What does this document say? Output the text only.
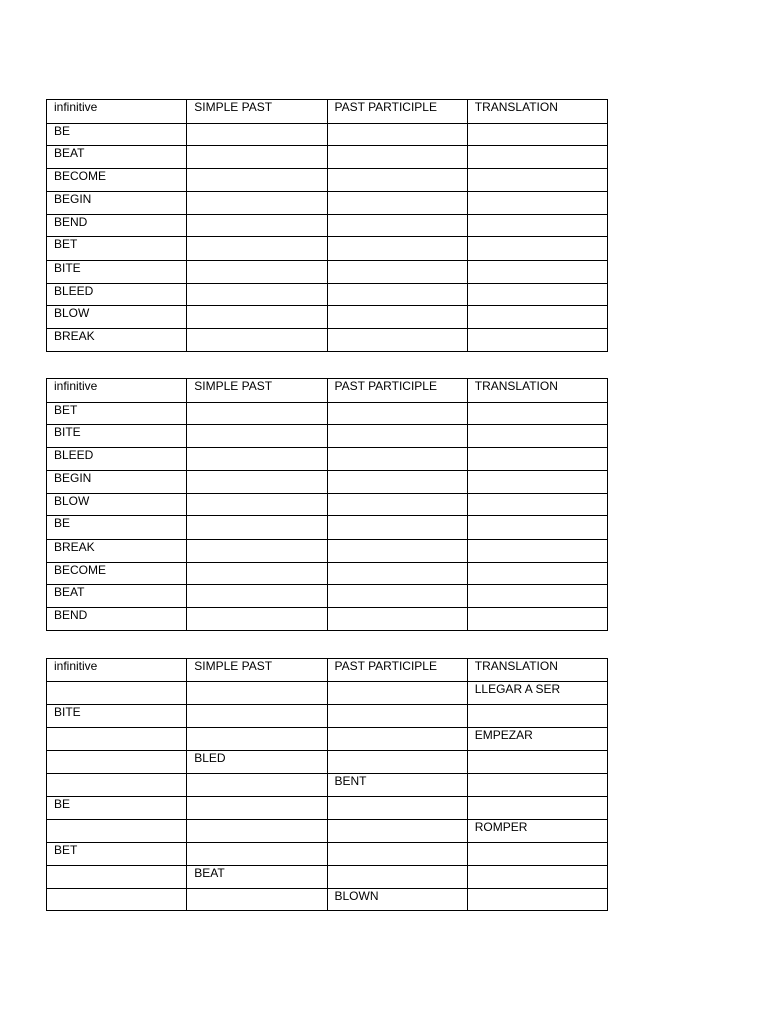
infinitive	SIMPLE PAST	PAST PARTICIPLE	TRANSLATION
BE			
BEAT			
BECOME			
BEGIN			
BEND			
BET			
BITE			
BLEED			
BLOW			
BREAK			
infinitive	SIMPLE PAST	PAST PARTICIPLE	TRANSLATION
BET			
BITE			
BLEED			
BEGIN			
BLOW			
BE			
BREAK			
BECOME			
BEAT			
BEND			
infinitive	SIMPLE PAST	PAST PARTICIPLE	TRANSLATION
			LLEGAR A SER
BITE			
			EMPEZAR
	BLED		
		BENT	
BE			
			ROMPER
BET			
	BEAT		
		BLOWN	
